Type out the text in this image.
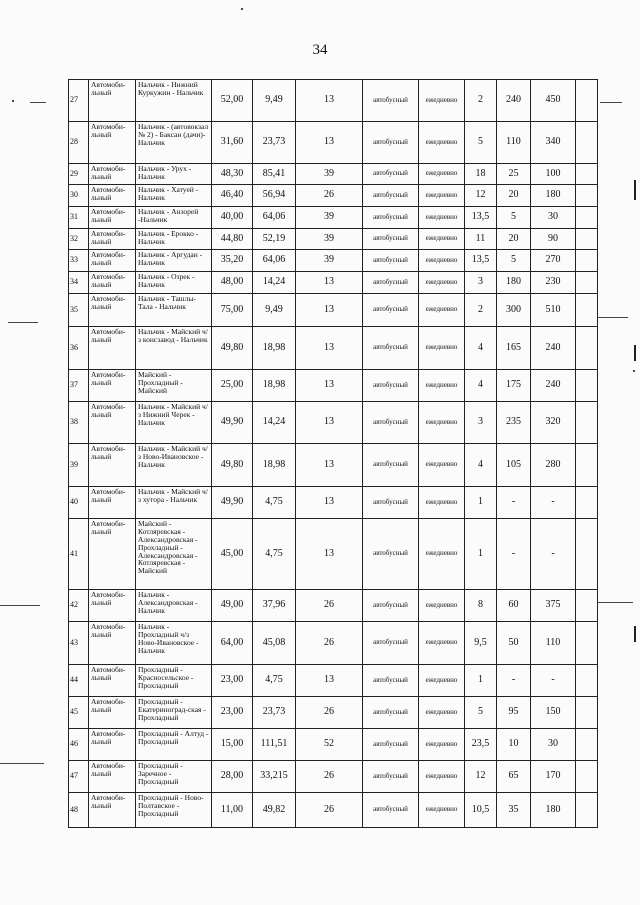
34
27	Автомоби-льный	Нальчик - Нижний Куркужин - Нальчик	52,00	9,49	13	автобусный	ежедневно	2	240	450	
28	Автомоби-льный	Нальчик - (автовокзал № 2) - Баксан (дачи)-Нальчик	31,60	23,73	13	автобусный	ежедневно	5	110	340	
29	Автомоби-льный	Нальчик - Урух - Нальчик	48,30	85,41	39	автобусный	ежедневно	18	25	100	
30	Автомоби-льный	Нальчик - Хатуей - Нальчик	46,40	56,94	26	автобусный	ежедневно	12	20	180	
31	Автомоби-льный	Нальчик - Анзорей -Нальчик	40,00	64,06	39	автобусный	ежедневно	13,5	5	30	
32	Автомоби-льный	Нальчик - Ерокко - Нальчик	44,80	52,19	39	автобусный	ежедневно	11	20	90	
33	Автомоби-льный	Нальчик - Аргудан - Нальчик	35,20	64,06	39	автобусный	ежедневно	13,5	5	270	
34	Автомоби-льный	Нальчик - Озрек - Нальчик	48,00	14,24	13	автобусный	ежедневно	3	180	230	
35	Автомоби-льный	Нальчик - Ташлы-Тала - Нальчик	75,00	9,49	13	автобусный	ежедневно	2	300	510	
36	Автомоби-льный	Нальчик - Майский ч/з консзавод - Нальчик	49,80	18,98	13	автобусный	ежедневно	4	165	240	
37	Автомоби-льный	Майский - Прохладный - Майский	25,00	18,98	13	автобусный	ежедневно	4	175	240	
38	Автомоби-льный	Нальчик - Майский ч/з Нижний Черек - Нальчик	49,90	14,24	13	автобусный	ежедневно	3	235	320	
39	Автомоби-льный	Нальчик - Майский ч/з Ново-Ивановское - Нальчик	49,80	18,98	13	автобусный	ежедневно	4	105	280	
40	Автомоби-льный	Нальчик - Майский ч/з хутора - Нальчик	49,90	4,75	13	автобусный	ежедневно	1	-	-	
41	Автомоби-льный	Майский - Котляревская - Александровская - Прохладный - Александровская - Котляревская - Майский	45,00	4,75	13	автобусный	ежедневно	1	-	-	
42	Автомоби-льный	Нальчик - Александровская - Нальчик	49,00	37,96	26	автобусный	ежедневно	8	60	375	
43	Автомоби-льный	Нальчик - Прохладный ч/з Ново-Ивановское - Нальчик	64,00	45,08	26	автобусный	ежедневно	9,5	50	110	
44	Автомоби-льный	Прохладный - Красносельское - Прохладный	23,00	4,75	13	автобусный	ежедневно	1	-	-	
45	Автомоби-льный	Прохладный - Екатериноград-ская - Прохладный	23,00	23,73	26	автобусный	ежедневно	5	95	150	
46	Автомоби-льный	Прохладный - Алтуд - Прохладный	15,00	111,51	52	автобусный	ежедневно	23,5	10	30	
47	Автомоби-льный	Прохладный - Заречное - Прохладный	28,00	33,215	26	автобусный	ежедневно	12	65	170	
48	Автомоби-льный	Прохладный - Ново-Полтавское - Прохладный	11,00	49,82	26	автобусный	ежедневно	10,5	35	180	
